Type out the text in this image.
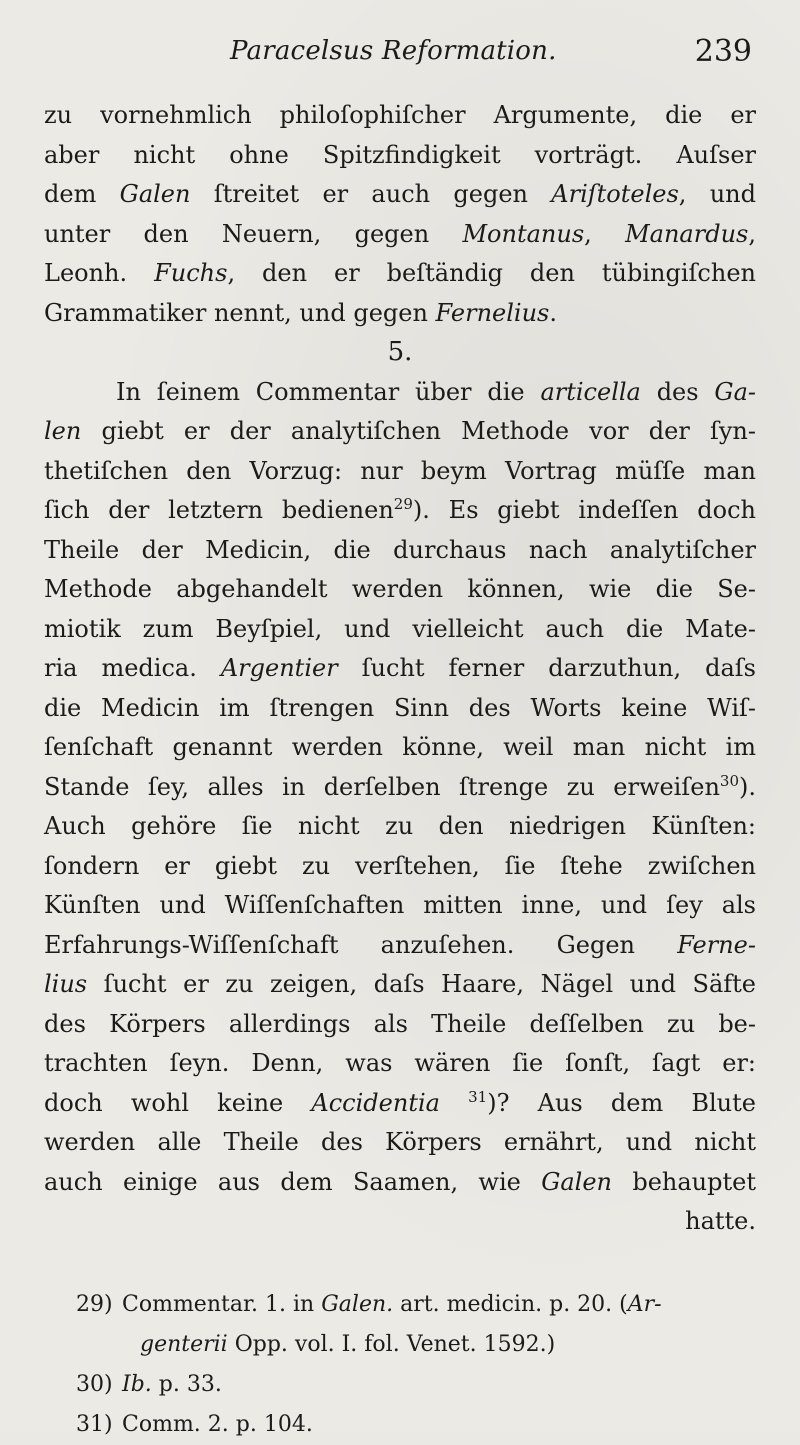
Paracelsus Reformation.	239
zu vornehmlich philoſophiſcher Argumente, die er
aber nicht ohne Spitzfindigkeit vorträgt. Auſser
dem Galen ſtreitet er auch gegen Ariſtoteles, und
unter den Neuern, gegen Montanus, Manardus,
Leonh. Fuchs, den er beſtändig den tübingiſchen
Grammatiker nennt, und gegen Fernelius.
5.
In ſeinem Commentar über die articella des Ga-
len giebt er der analytiſchen Methode vor der ſyn-
thetiſchen den Vorzug: nur beym Vortrag müſſe man
ſich der letztern bedienen$^{29}$). Es giebt indeſſen doch
Theile der Medicin, die durchaus nach analytiſcher
Methode abgehandelt werden können, wie die Se-
miotik zum Beyſpiel, und vielleicht auch die Mate-
ria medica. Argentier ſucht ferner darzuthun, daſs
die Medicin im ſtrengen Sinn des Worts keine Wiſ-
ſenſchaft genannt werden könne, weil man nicht im
Stande ſey, alles in derſelben ſtrenge zu erweiſen$^{30}$).
Auch gehöre ſie nicht zu den niedrigen Künſten:
ſondern er giebt zu verſtehen, ſie ſtehe zwiſchen
Künſten und Wiſſenſchaften mitten inne, und ſey als
Erfahrungs-Wiſſenſchaft anzuſehen. Gegen Ferne-
lius ſucht er zu zeigen, daſs Haare, Nägel und Säfte
des Körpers allerdings als Theile deſſelben zu be-
trachten ſeyn. Denn, was wären ſie ſonſt, ſagt er:
doch wohl keine Accidentia $^{31}$)? Aus dem Blute
werden alle Theile des Körpers ernährt, und nicht
auch einige aus dem Saamen, wie Galen behauptet
hatte.
29) Commentar. 1. in Galen. art. medicin. p. 20. (Ar-
genterii Opp. vol. I. fol. Venet. 1592.)
30) Ib. p. 33.
31) Comm. 2. p. 104.
